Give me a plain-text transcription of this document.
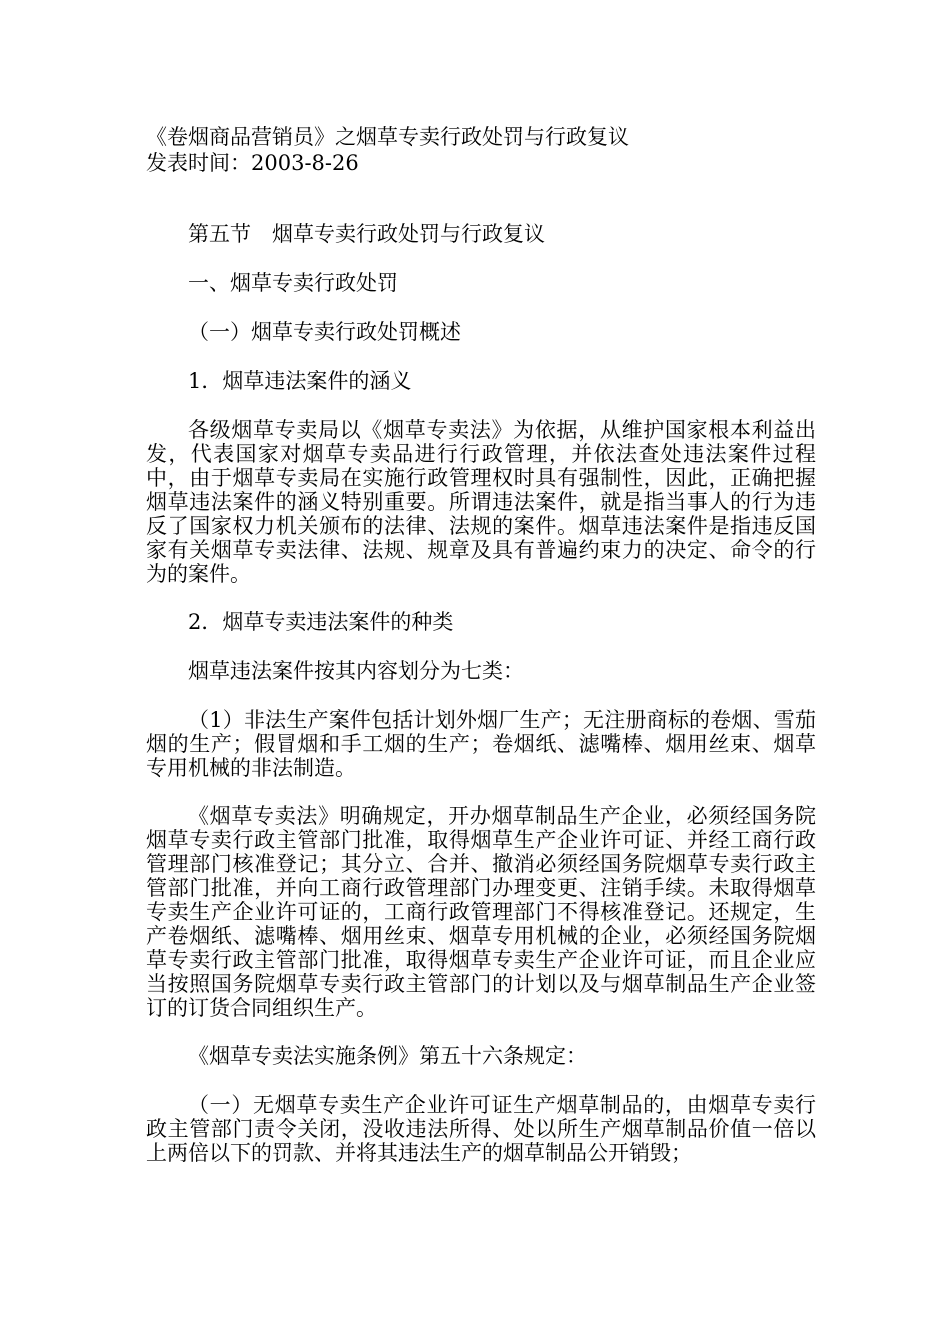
《卷烟商品营销员》之烟草专卖行政处罚与行政复议

发表时间：2003-8-26

第五节　烟草专卖行政处罚与行政复议

一、烟草专卖行政处罚

（一）烟草专卖行政处罚概述

1．烟草违法案件的涵义

各级烟草专卖局以《烟草专卖法》为依据，从维护国家根本利益出发，代表国家对烟草专卖品进行行政管理，并依法查处违法案件过程中，由于烟草专卖局在实施行政管理权时具有强制性，因此，正确把握烟草违法案件的涵义特别重要。所谓违法案件，就是指当事人的行为违反了国家权力机关颁布的法律、法规的案件。烟草违法案件是指违反国家有关烟草专卖法律、法规、规章及具有普遍约束力的决定、命令的行为的案件。

2．烟草专卖违法案件的种类

烟草违法案件按其内容划分为七类：

（1）非法生产案件包括计划外烟厂生产；无注册商标的卷烟、雪茄烟的生产；假冒烟和手工烟的生产；卷烟纸、滤嘴棒、烟用丝束、烟草专用机械的非法制造。

《烟草专卖法》明确规定，开办烟草制品生产企业，必须经国务院烟草专卖行政主管部门批准，取得烟草生产企业许可证、并经工商行政管理部门核准登记；其分立、合并、撤消必须经国务院烟草专卖行政主管部门批准，并向工商行政管理部门办理变更、注销手续。未取得烟草专卖生产企业许可证的，工商行政管理部门不得核准登记。还规定，生产卷烟纸、滤嘴棒、烟用丝束、烟草专用机械的企业，必须经国务院烟草专卖行政主管部门批准，取得烟草专卖生产企业许可证，而且企业应当按照国务院烟草专卖行政主管部门的计划以及与烟草制品生产企业签订的订货合同组织生产。

《烟草专卖法实施条例》第五十六条规定：

（一）无烟草专卖生产企业许可证生产烟草制品的，由烟草专卖行政主管部门责令关闭，没收违法所得、处以所生产烟草制品价值一倍以上两倍以下的罚款、并将其违法生产的烟草制品公开销毁；
